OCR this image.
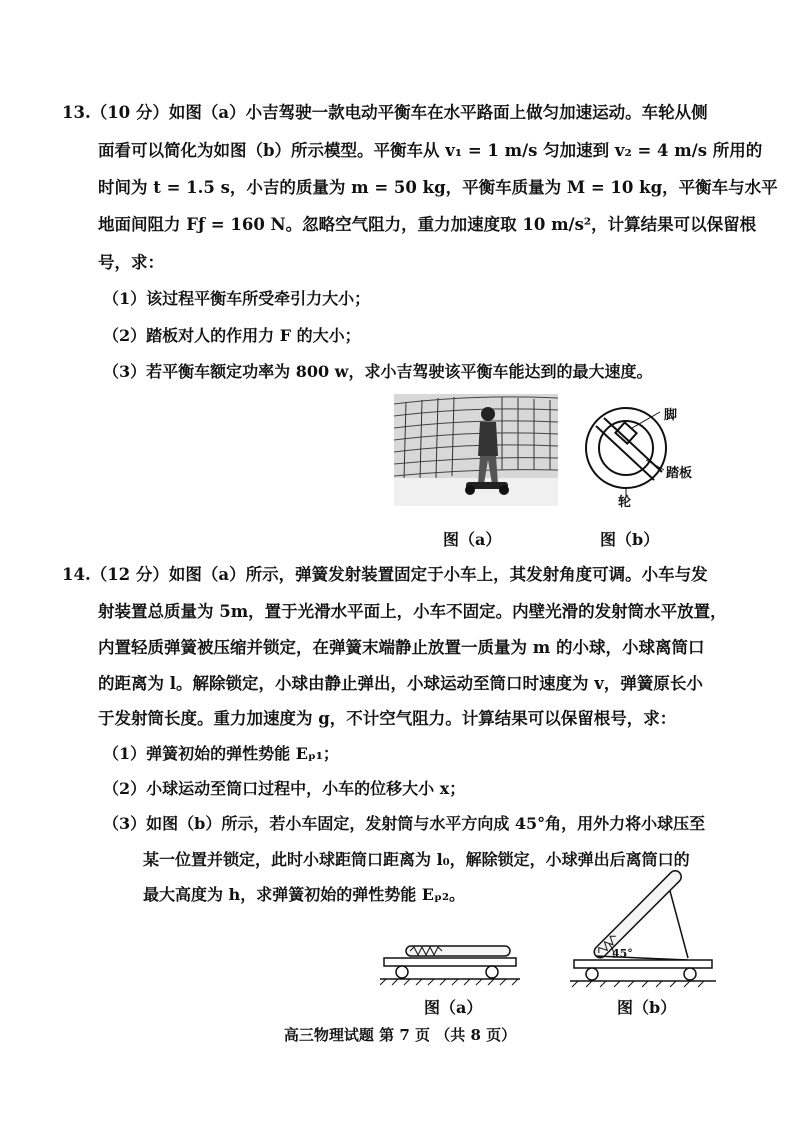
13.（10 分）如图（a）小吉驾驶一款电动平衡车在水平路面上做匀加速运动。车轮从侧
面看可以简化为如图（b）所示模型。平衡车从 v₁ = 1 m/s 匀加速到 v₂ = 4 m/s 所用的
时间为 t = 1.5 s，小吉的质量为 m = 50 kg，平衡车质量为 M = 10 kg，平衡车与水平
地面间阻力 Fƒ = 160 N。忽略空气阻力，重力加速度取 10 m/s²，计算结果可以保留根
号，求：
（1）该过程平衡车所受牵引力大小；
（2）踏板对人的作用力 F 的大小；
（3）若平衡车额定功率为 800 w，求小吉驾驶该平衡车能达到的最大速度。
脚
踏板
轮
图（a）	图（b）
14.（12 分）如图（a）所示，弹簧发射装置固定于小车上，其发射角度可调。小车与发
射装置总质量为 5m，置于光滑水平面上，小车不固定。内壁光滑的发射筒水平放置，
内置轻质弹簧被压缩并锁定，在弹簧末端静止放置一质量为 m 的小球，小球离筒口
的距离为 l。解除锁定，小球由静止弹出，小球运动至筒口时速度为 v，弹簧原长小
于发射筒长度。重力加速度为 g，不计空气阻力。计算结果可以保留根号，求：
（1）弹簧初始的弹性势能 Eₚ₁；
（2）小球运动至筒口过程中，小车的位移大小 x；
（3）如图（b）所示，若小车固定，发射筒与水平方向成 45°角，用外力将小球压至
某一位置并锁定，此时小球距筒口距离为 l₀，解除锁定，小球弹出后离筒口的
最大高度为 h，求弹簧初始的弹性势能 Eₚ₂。
45°
图（a）	图（b）
高三物理试题 第 7 页 （共 8 页）
